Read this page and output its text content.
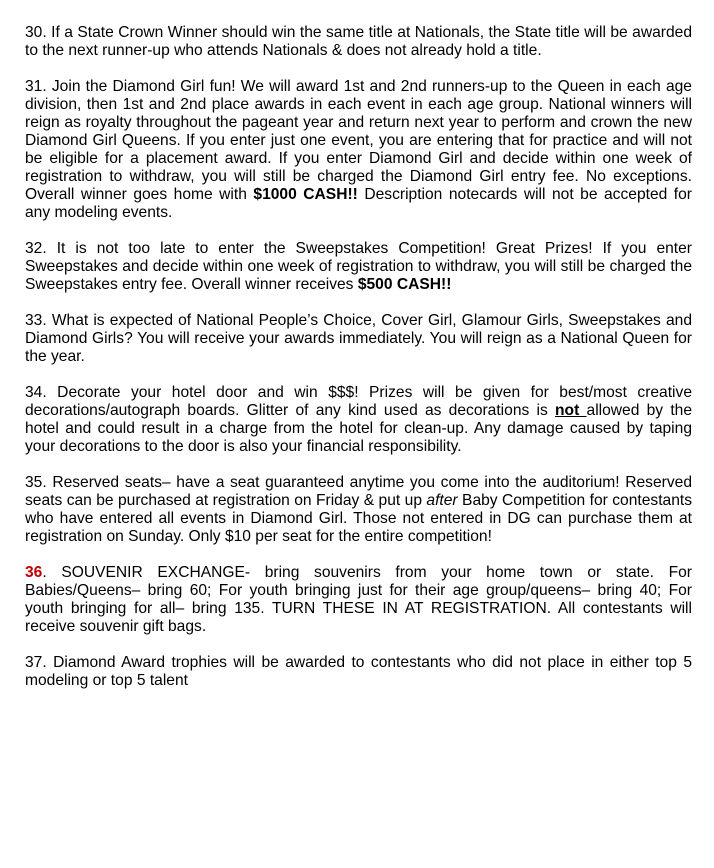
30. If a State Crown Winner should win the same title at Nationals, the State title will be awarded to the next runner-up who attends Nationals & does not already hold a title.

31. Join the Diamond Girl fun! We will award 1st and 2nd runners-up to the Queen in each age division, then 1st and 2nd place awards in each event in each age group. National winners will reign as royalty throughout the pageant year and return next year to perform and crown the new Diamond Girl Queens. If you enter just one event, you are entering that for practice and will not be eligible for a placement award. If you enter Diamond Girl and decide within one week of registration to withdraw, you will still be charged the Diamond Girl entry fee. No exceptions. Overall winner goes home with $1000 CASH!! Description notecards will not be accepted for any modeling events.

32. It is not too late to enter the Sweepstakes Competition! Great Prizes! If you enter Sweepstakes and decide within one week of registration to withdraw, you will still be charged the Sweepstakes entry fee. Overall winner receives $500 CASH!!

33. What is expected of National People’s Choice, Cover Girl, Glamour Girls, Sweepstakes and Diamond Girls? You will receive your awards immediately. You will reign as a National Queen for the year.

34. Decorate your hotel door and win $$$! Prizes will be given for best/most creative decorations/autograph boards. Glitter of any kind used as decorations is not allowed by the hotel and could result in a charge from the hotel for clean-up. Any damage caused by taping your decorations to the door is also your financial responsibility.

35. Reserved seats– have a seat guaranteed anytime you come into the auditorium! Reserved seats can be purchased at registration on Friday & put up after Baby Competition for contestants who have entered all events in Diamond Girl. Those not entered in DG can purchase them at registration on Sunday. Only $10 per seat for the entire competition!

36. SOUVENIR EXCHANGE- bring souvenirs from your home town or state. For Babies/Queens– bring 60; For youth bringing just for their age group/queens– bring 40; For youth bringing for all– bring 135. TURN THESE IN AT REGISTRATION. All contestants will receive souvenir gift bags.

37. Diamond Award trophies will be awarded to contestants who did not place in either top 5 modeling or top 5 talent
